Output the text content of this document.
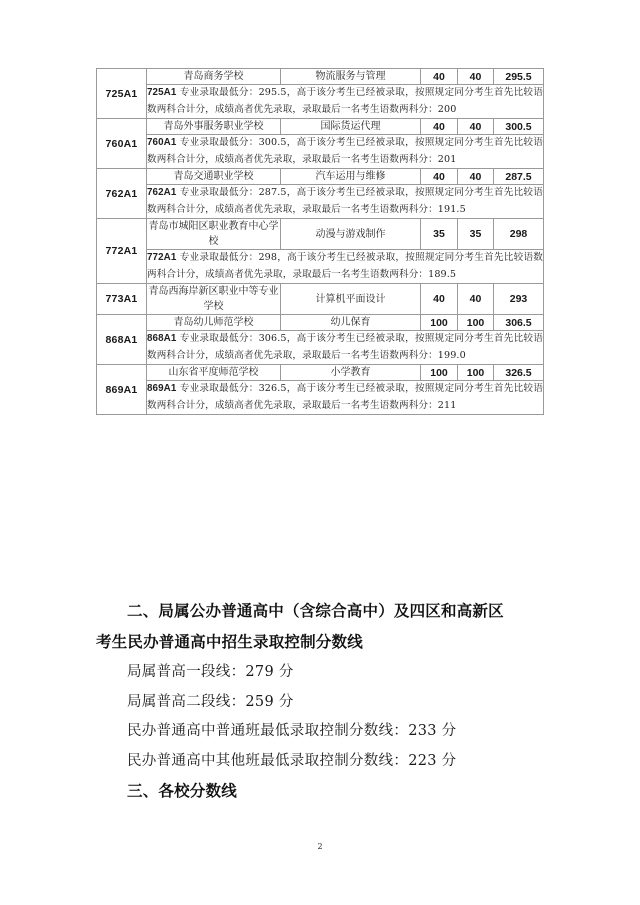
725A1	青岛商务学校	物流服务与管理	40	40	295.5
	725A1 专业录取最低分：295.5，高于该分考生已经被录取，按照规定同分考生首先比较语数两科合计分，成绩高者优先录取，录取最后一名考生语数两科分：200				
760A1	青岛外事服务职业学校	国际货运代理	40	40	300.5
	760A1 专业录取最低分：300.5，高于该分考生已经被录取，按照规定同分考生首先比较语数两科合计分，成绩高者优先录取，录取最后一名考生语数两科分：201				
762A1	青岛交通职业学校	汽车运用与维修	40	40	287.5
	762A1 专业录取最低分：287.5，高于该分考生已经被录取，按照规定同分考生首先比较语数两科合计分，成绩高者优先录取，录取最后一名考生语数两科分：191.5				
772A1	青岛市城阳区职业教育中心学校	动漫与游戏制作	35	35	298
	772A1 专业录取最低分：298，高于该分考生已经被录取，按照规定同分考生首先比较语数两科合计分，成绩高者优先录取，录取最后一名考生语数两科分：189.5				
773A1	青岛西海岸新区职业中等专业学校	计算机平面设计	40	40	293
868A1	青岛幼儿师范学校	幼儿保育	100	100	306.5
	868A1 专业录取最低分：306.5，高于该分考生已经被录取，按照规定同分考生首先比较语数两科合计分，成绩高者优先录取，录取最后一名考生语数两科分：199.0				
869A1	山东省平度师范学校	小学教育	100	100	326.5
	869A1 专业录取最低分：326.5，高于该分考生已经被录取，按照规定同分考生首先比较语数两科合计分，成绩高者优先录取，录取最后一名考生语数两科分：211				
二、局属公办普通高中（含综合高中）及四区和高新区
考生民办普通高中招生录取控制分数线
局属普高一段线：279 分
局属普高二段线：259 分
民办普通高中普通班最低录取控制分数线：233 分
民办普通高中其他班最低录取控制分数线：223 分
三、各校分数线
2
